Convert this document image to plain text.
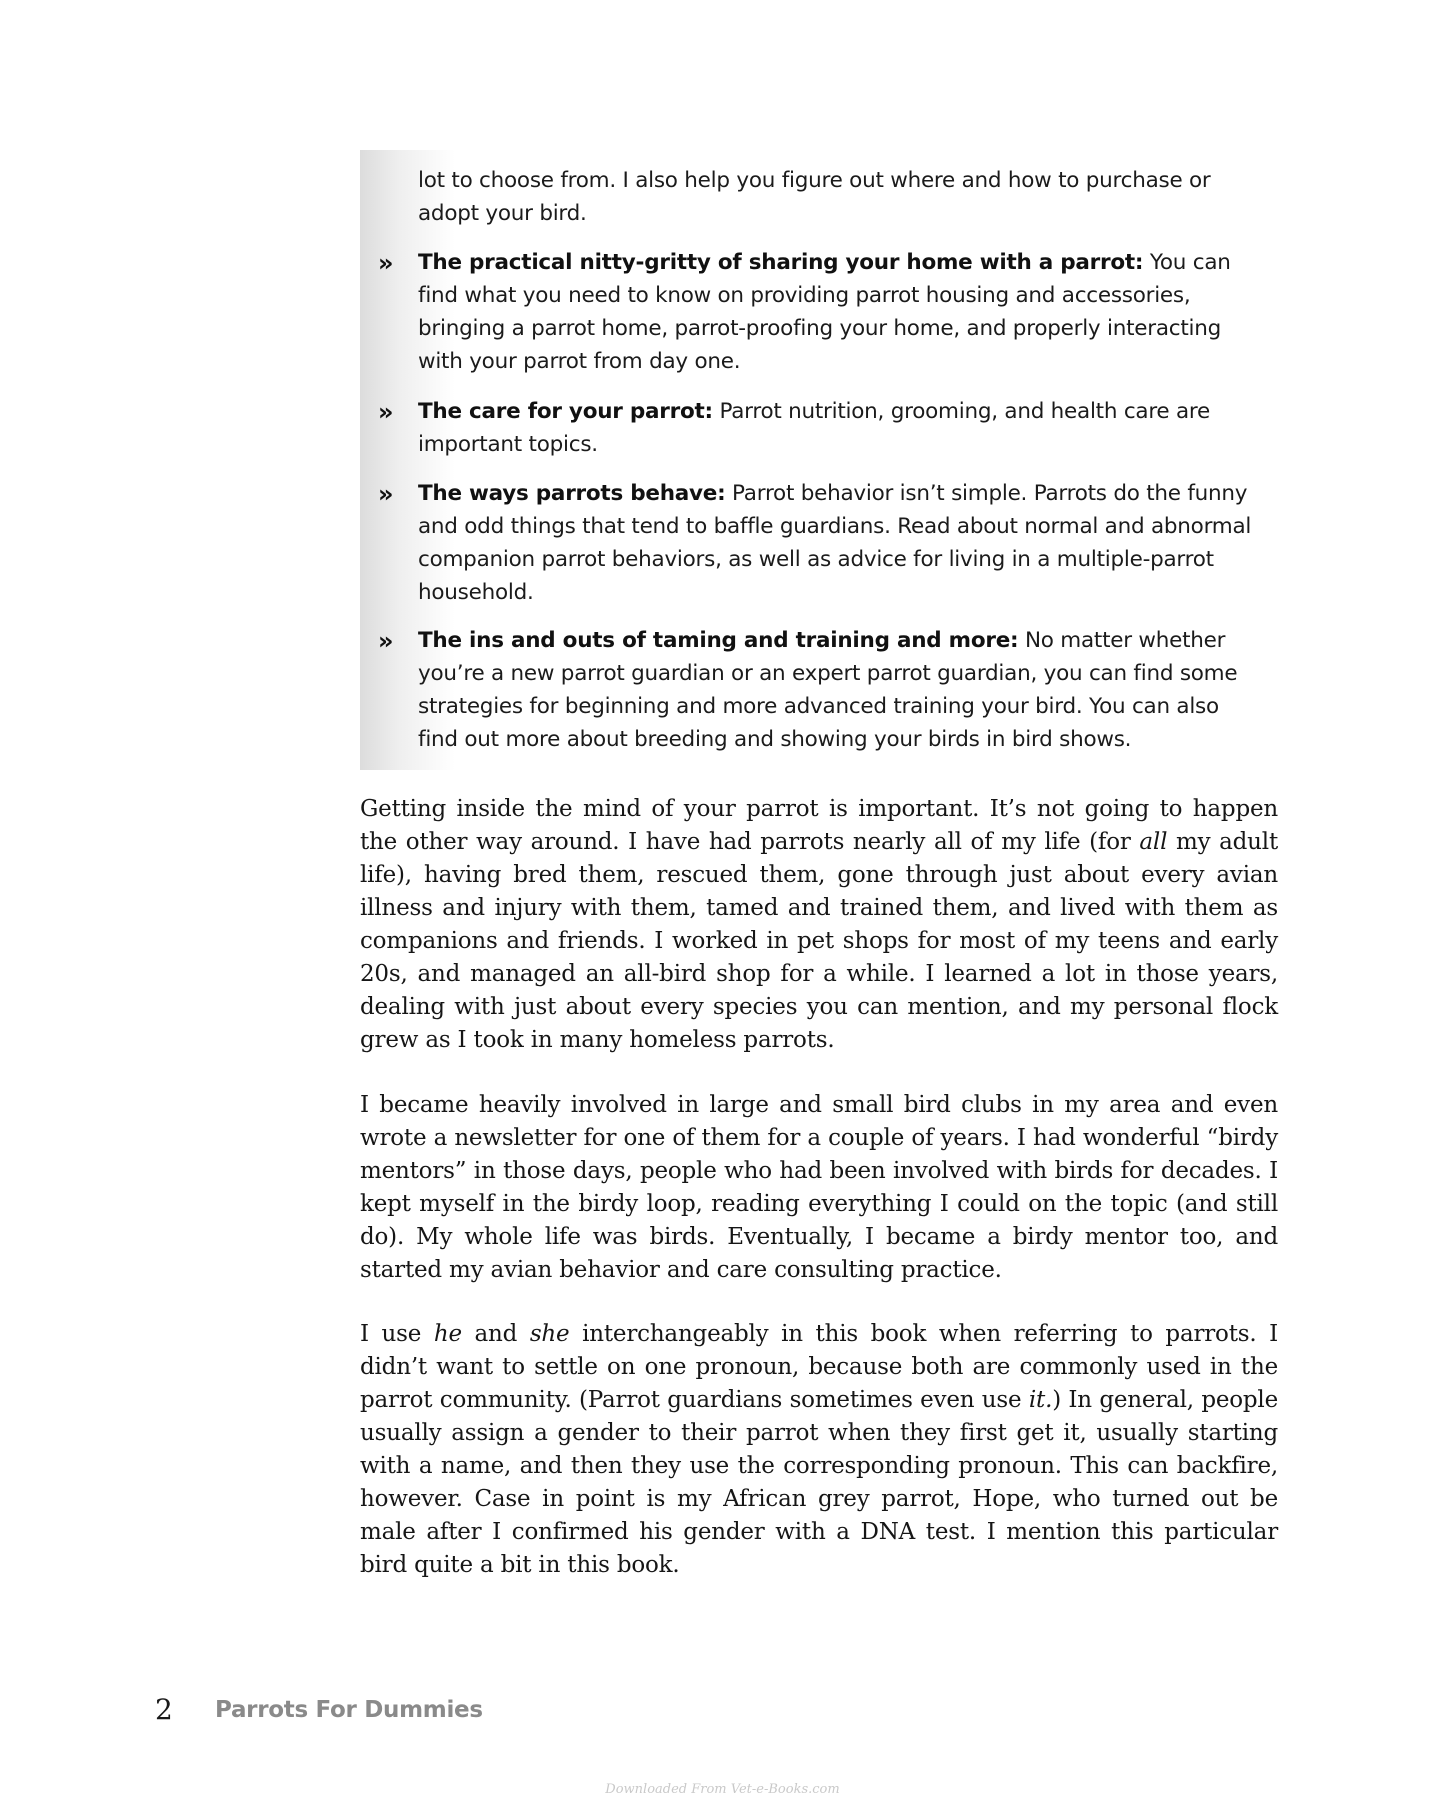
lot to choose from. I also help you figure out where and how to purchase or adopt your bird.
»	The practical nitty-gritty of sharing your home with a parrot: You can find what you need to know on providing parrot housing and accessories, bringing a parrot home, parrot-proofing your home, and properly interacting with your parrot from day one.
»	The care for your parrot: Parrot nutrition, grooming, and health care are important topics.
»	The ways parrots behave: Parrot behavior isn’t simple. Parrots do the funny and odd things that tend to baffle guardians. Read about normal and abnormal companion parrot behaviors, as well as advice for living in a multiple-parrot household.
»	The ins and outs of taming and training and more: No matter whether you’re a new parrot guardian or an expert parrot guardian, you can find some strategies for beginning and more advanced training your bird. You can also find out more about breeding and showing your birds in bird shows.
Getting inside the mind of your parrot is important. It’s not going to happen the other way around. I have had parrots nearly all of my life (for all my adult life), having bred them, rescued them, gone through just about every avian illness and injury with them, tamed and trained them, and lived with them as companions and friends. I worked in pet shops for most of my teens and early 20s, and managed an all-bird shop for a while. I learned a lot in those years, dealing with just about every species you can mention, and my personal flock grew as I took in many homeless parrots.
I became heavily involved in large and small bird clubs in my area and even wrote a newsletter for one of them for a couple of years. I had wonderful “birdy mentors” in those days, people who had been involved with birds for decades. I kept myself in the birdy loop, reading everything I could on the topic (and still do). My whole life was birds. Eventually, I became a birdy mentor too, and started my avian behavior and care consulting practice.
I use he and she interchangeably in this book when referring to parrots. I didn’t want to settle on one pronoun, because both are commonly used in the parrot community. (Parrot guardians sometimes even use it.) In general, people usually assign a gender to their parrot when they first get it, usually starting with a name, and then they use the corresponding pronoun. This can backfire, however. Case in point is my African grey parrot, Hope, who turned out be male after I confirmed his gender with a DNA test. I mention this particular bird quite a bit in this book.
2 Parrots For Dummies
Downloaded From Vet-e-Books.com
